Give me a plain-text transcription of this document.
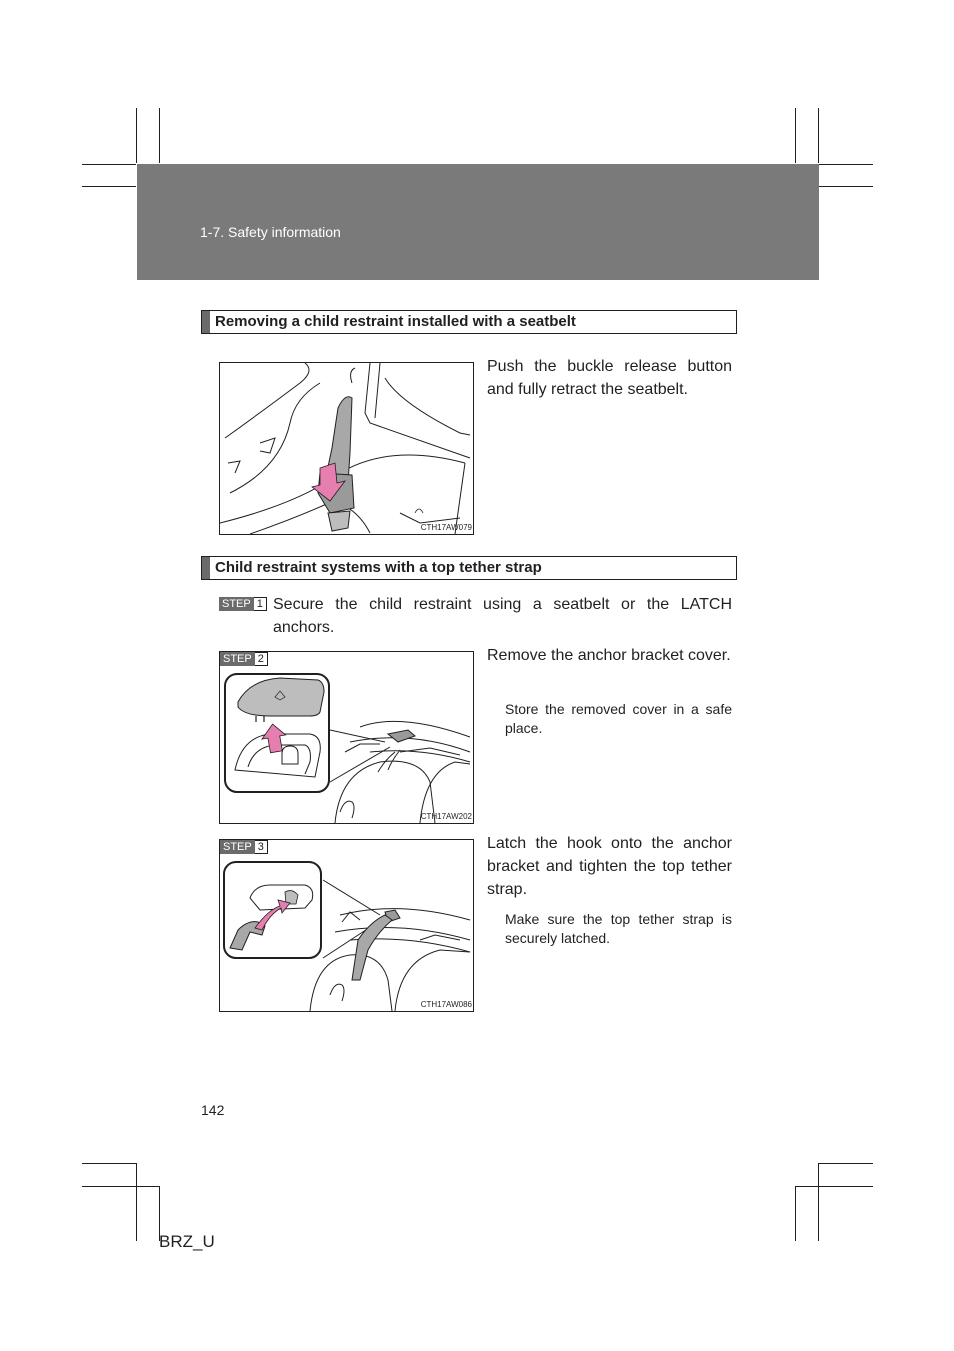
1-7. Safety information
Removing a child restraint installed with a seatbelt
CTH17AW079
Push the buckle release button and fully retract the seatbelt.
Child restraint systems with a top tether strap
STEP 1 Secure the child restraint using a seatbelt or the LATCH anchors.
STEP 2
CTH17AW202
Remove the anchor bracket cover.
Store the removed cover in a safe place.
STEP 3
CTH17AW086
Latch the hook onto the anchor bracket and tighten the top tether strap.
Make sure the top tether strap is securely latched.
142
BRZ_U
